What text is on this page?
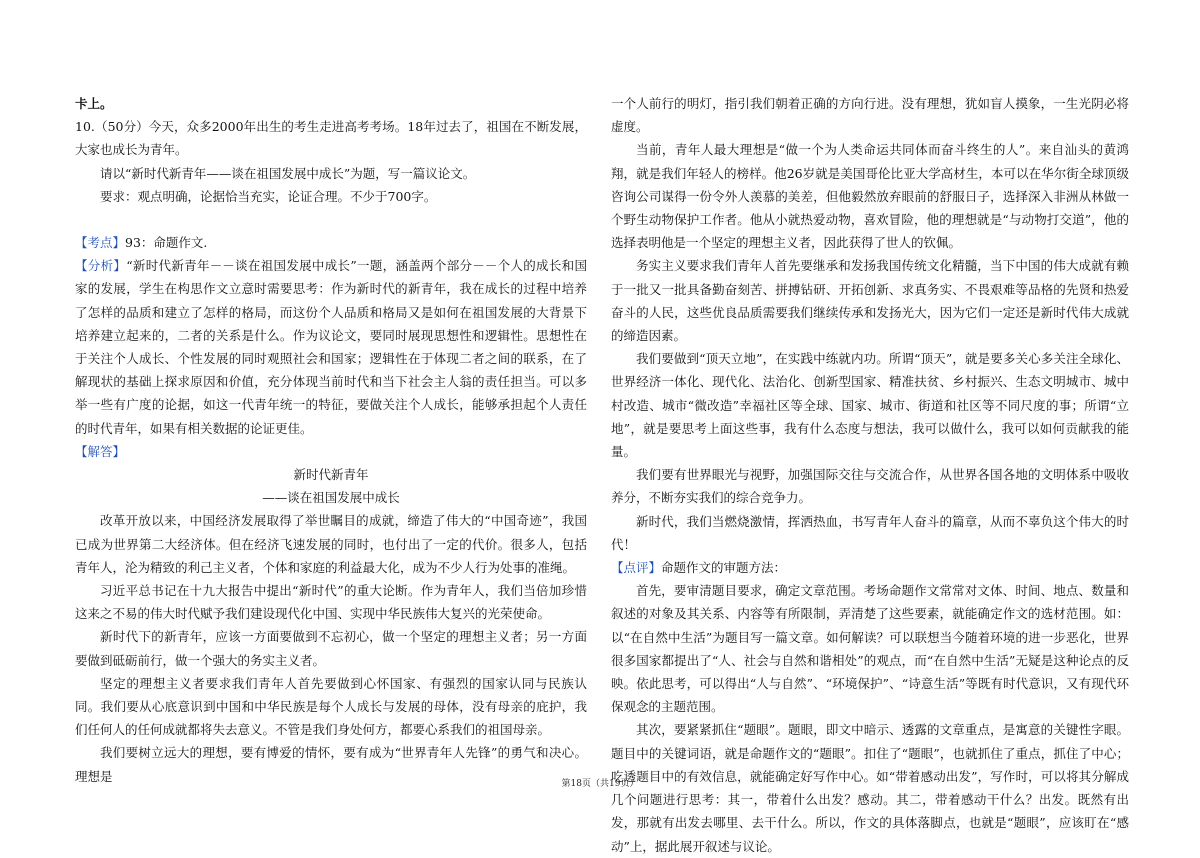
卡上。

10.（50分）今天，众多2000年出生的考生走进高考考场。18年过去了，祖国在不断发展，大家也成长为青年。

请以“新时代新青年——谈在祖国发展中成长”为题，写一篇议论文。

要求：观点明确，论据恰当充实，论证合理。不少于700字。

【考点】93：命题作文.

【分析】“新时代新青年－－谈在祖国发展中成长”一题，涵盖两个部分－－个人的成长和国家的发展，学生在构思作文立意时需要思考：作为新时代的新青年，我在成长的过程中培养了怎样的品质和建立了怎样的格局，而这份个人品质和格局又是如何在祖国发展的大背景下培养建立起来的，二者的关系是什么。作为议论文，要同时展现思想性和逻辑性。思想性在于关注个人成长、个性发展的同时观照社会和国家；逻辑性在于体现二者之间的联系，在了解现状的基础上探求原因和价值，充分体现当前时代和当下社会主人翁的责任担当。可以多举一些有广度的论据，如这一代青年统一的特征，要做关注个人成长，能够承担起个人责任的时代青年，如果有相关数据的论证更佳。

【解答】

新时代新青年

——谈在祖国发展中成长

改革开放以来，中国经济发展取得了举世瞩目的成就，缔造了伟大的“中国奇迹”，我国已成为世界第二大经济体。但在经济飞速发展的同时，也付出了一定的代价。很多人，包括青年人，沦为精致的利己主义者，个体和家庭的利益最大化，成为不少人行为处事的准绳。

习近平总书记在十九大报告中提出“新时代”的重大论断。作为青年人，我们当倍加珍惜这来之不易的伟大时代赋予我们建设现代化中国、实现中华民族伟大复兴的光荣使命。

新时代下的新青年，应该一方面要做到不忘初心，做一个坚定的理想主义者；另一方面要做到砥砺前行，做一个强大的务实主义者。

坚定的理想主义者要求我们青年人首先要做到心怀国家、有强烈的国家认同与民族认同。我们要从心底意识到中国和中华民族是每个人成长与发展的母体，没有母亲的庇护，我们任何人的任何成就都将失去意义。不管是我们身处何方，都要心系我们的祖国母亲。

我们要树立远大的理想，要有博爱的情怀，要有成为“世界青年人先锋”的勇气和决心。理想是

一个人前行的明灯，指引我们朝着正确的方向行进。没有理想，犹如盲人摸象，一生光阴必将虚度。

当前，青年人最大理想是“做一个为人类命运共同体而奋斗终生的人”。来自汕头的黄鸿翔，就是我们年轻人的榜样。他26岁就是美国哥伦比亚大学高材生，本可以在华尔街全球顶级咨询公司谋得一份令外人羡慕的美差，但他毅然放弃眼前的舒服日子，选择深入非洲从林做一个野生动物保护工作者。他从小就热爱动物，喜欢冒险，他的理想就是“与动物打交道”，他的选择表明他是一个坚定的理想主义者，因此获得了世人的钦佩。

务实主义要求我们青年人首先要继承和发扬我国传统文化精髓，当下中国的伟大成就有赖于一批又一批具备勤奋刻苦、拼搏钻研、开拓创新、求真务实、不畏艰难等品格的先贤和热爱奋斗的人民，这些优良品质需要我们继续传承和发扬光大，因为它们一定还是新时代伟大成就的缔造因素。

我们要做到“顶天立地”，在实践中练就内功。所谓“顶天”，就是要多关心多关注全球化、世界经济一体化、现代化、法治化、创新型国家、精准扶贫、乡村振兴、生态文明城市、城中村改造、城市“微改造”幸福社区等全球、国家、城市、街道和社区等不同尺度的事；所谓“立地”，就是要思考上面这些事，我有什么态度与想法，我可以做什么，我可以如何贡献我的能量。

我们要有世界眼光与视野，加强国际交往与交流合作，从世界各国各地的文明体系中吸收养分，不断夯实我们的综合竞争力。

新时代，我们当燃烧激情，挥洒热血，书写青年人奋斗的篇章，从而不辜负这个伟大的时代！

【点评】命题作文的审题方法：

首先，要审清题目要求，确定文章范围。考场命题作文常常对文体、时间、地点、数量和叙述的对象及其关系、内容等有所限制，弄清楚了这些要素，就能确定作文的选材范围。如：以“在自然中生活”为题目写一篇文章。如何解读？可以联想当今随着环境的进一步恶化，世界很多国家都提出了“人、社会与自然和谐相处”的观点，而“在自然中生活”无疑是这种论点的反映。依此思考，可以得出“人与自然”、“环境保护”、“诗意生活”等既有时代意识，又有现代环保观念的主题范围。

其次，要紧紧抓住“题眼”。题眼，即文中暗示、透露的文章重点，是寓意的关键性字眼。题目中的关键词语，就是命题作文的“题眼”。扣住了“题眼”，也就抓住了重点，抓住了中心；吃透题目中的有效信息，就能确定好写作中心。如“带着感动出发”，写作时，可以将其分解成几个问题进行思考：其一，带着什么出发？感动。其二，带着感动干什么？出发。既然有出发，那就有出发去哪里、去干什么。所以，作文的具体落脚点，也就是“题眼”，应该盯在“感动”上，据此展开叙述与议论。

第18页（共19页）
